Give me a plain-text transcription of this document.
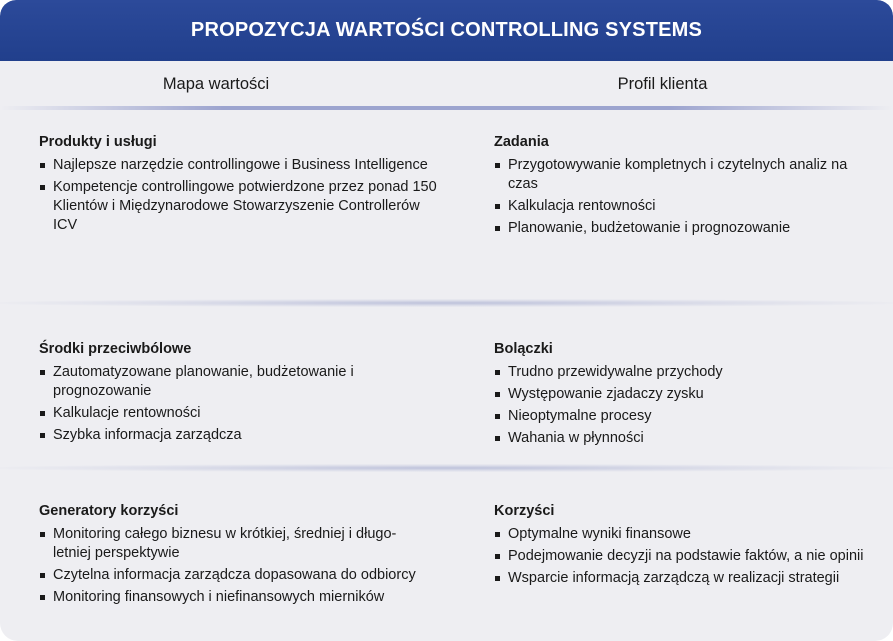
PROPOZYCJA WARTOŚCI CONTROLLING SYSTEMS
Mapa wartości	Profil klienta
Produkty i usługi
Najlepsze narzędzie controllingowe i Business Intelligence
Kompetencje controllingowe potwierdzone przez ponad 150 Klientów i Międzynarodowe Stowarzyszenie Controllerów ICV
Zadania
Przygotowywanie kompletnych i czytelnych analiz na czas
Kalkulacja rentowności
Planowanie, budżetowanie i prognozowanie
Środki przeciwbólowe
Zautomatyzowane planowanie, budżetowanie i prognozowanie
Kalkulacje rentowności
Szybka informacja zarządcza
Bolączki
Trudno przewidywalne przychody
Występowanie zjadaczy zysku
Nieoptymalne procesy
Wahania w płynności
Generatory korzyści
Monitoring całego biznesu w krótkiej, średniej i długo-letniej perspektywie
Czytelna informacja zarządcza dopasowana do odbiorcy
Monitoring finansowych i niefinansowych mierników
Korzyści
Optymalne wyniki finansowe
Podejmowanie decyzji na podstawie faktów, a nie opinii
Wsparcie informacją zarządczą w realizacji strategii
